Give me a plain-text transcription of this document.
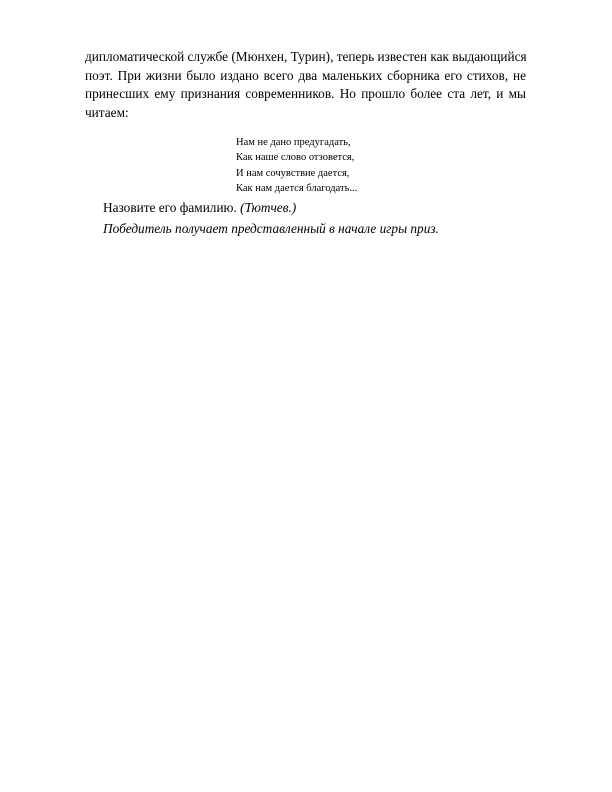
дипломатической службе (Мюнхен, Турин), теперь известен как выдающийся
поэт. При жизни было издано всего два маленьких сборника его стихов, не
принесших ему признания современников. Но прошло более ста лет, и мы
читаем:
Нам не дано предугадать,
Как наше слово отзовется,
И нам сочувствие дается,
Как нам дается благодать...
Назовите его фамилию. (Тютчев.)
Победитель получает представленный в начале игры приз.
